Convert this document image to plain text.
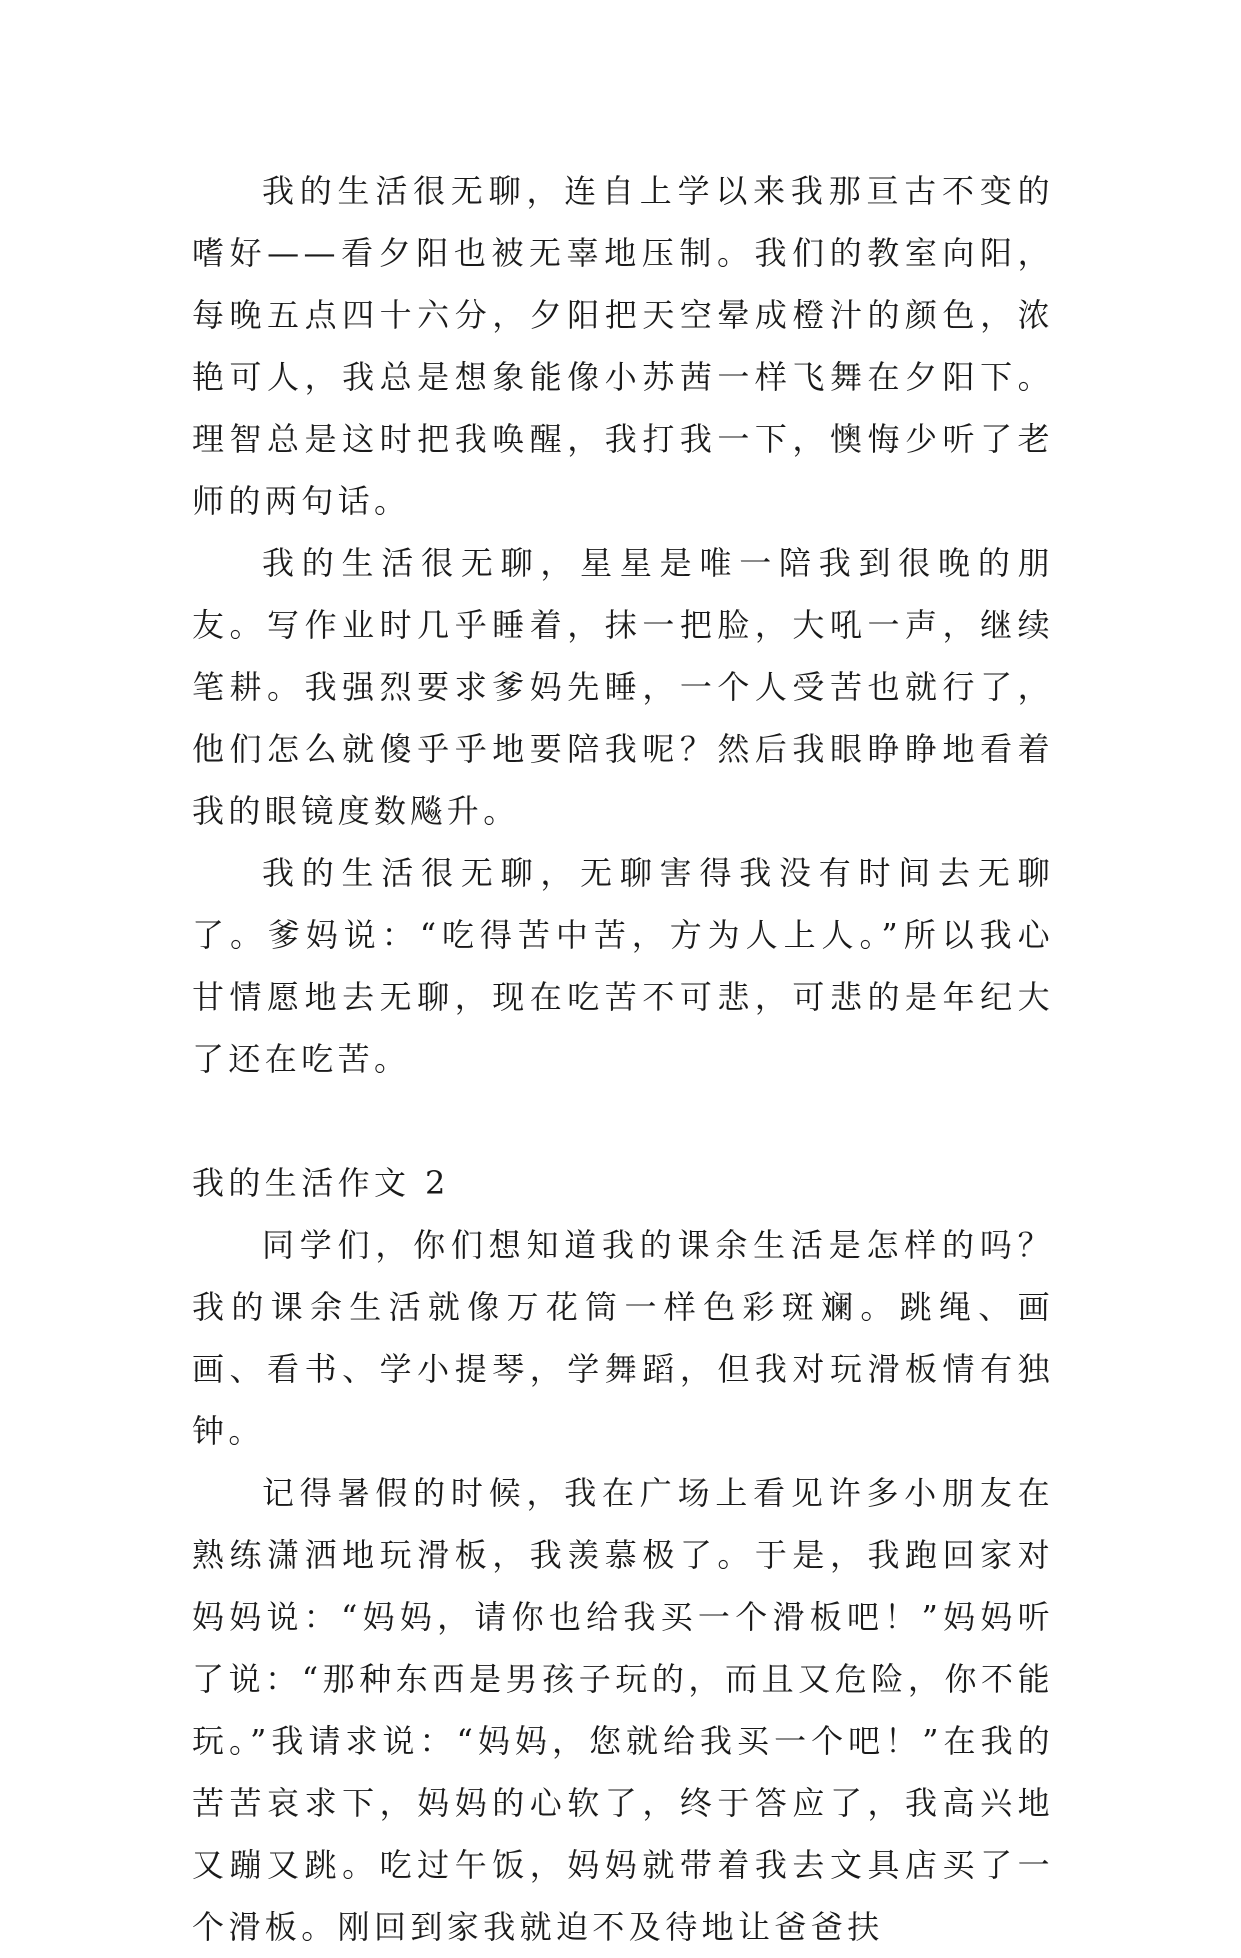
我的生活很无聊，连自上学以来我那亘古不变的嗜好——看夕阳也被无辜地压制。我们的教室向阳，每晚五点四十六分，夕阳把天空晕成橙汁的颜色，浓艳可人，我总是想象能像小苏茜一样飞舞在夕阳下。理智总是这时把我唤醒，我打我一下，懊悔少听了老师的两句话。

我的生活很无聊，星星是唯一陪我到很晚的朋友。写作业时几乎睡着，抹一把脸，大吼一声，继续笔耕。我强烈要求爹妈先睡，一个人受苦也就行了，他们怎么就傻乎乎地要陪我呢？然后我眼睁睁地看着我的眼镜度数飚升。

我的生活很无聊，无聊害得我没有时间去无聊了。爹妈说：“吃得苦中苦，方为人上人。”所以我心甘情愿地去无聊，现在吃苦不可悲，可悲的是年纪大了还在吃苦。

我的生活作文 2

同学们，你们想知道我的课余生活是怎样的吗？我的课余生活就像万花筒一样色彩斑斓。跳绳、画画、看书、学小提琴，学舞蹈，但我对玩滑板情有独钟。

记得暑假的时候，我在广场上看见许多小朋友在熟练潇洒地玩滑板，我羡慕极了。于是，我跑回家对妈妈说：“妈妈，请你也给我买一个滑板吧！”妈妈听了说：“那种东西是男孩子玩的，而且又危险，你不能玩。”我请求说：“妈妈，您就给我买一个吧！”在我的苦苦哀求下，妈妈的心软了，终于答应了，我高兴地又蹦又跳。吃过午饭，妈妈就带着我去文具店买了一个滑板。刚回到家我就迫不及待地让爸爸扶
